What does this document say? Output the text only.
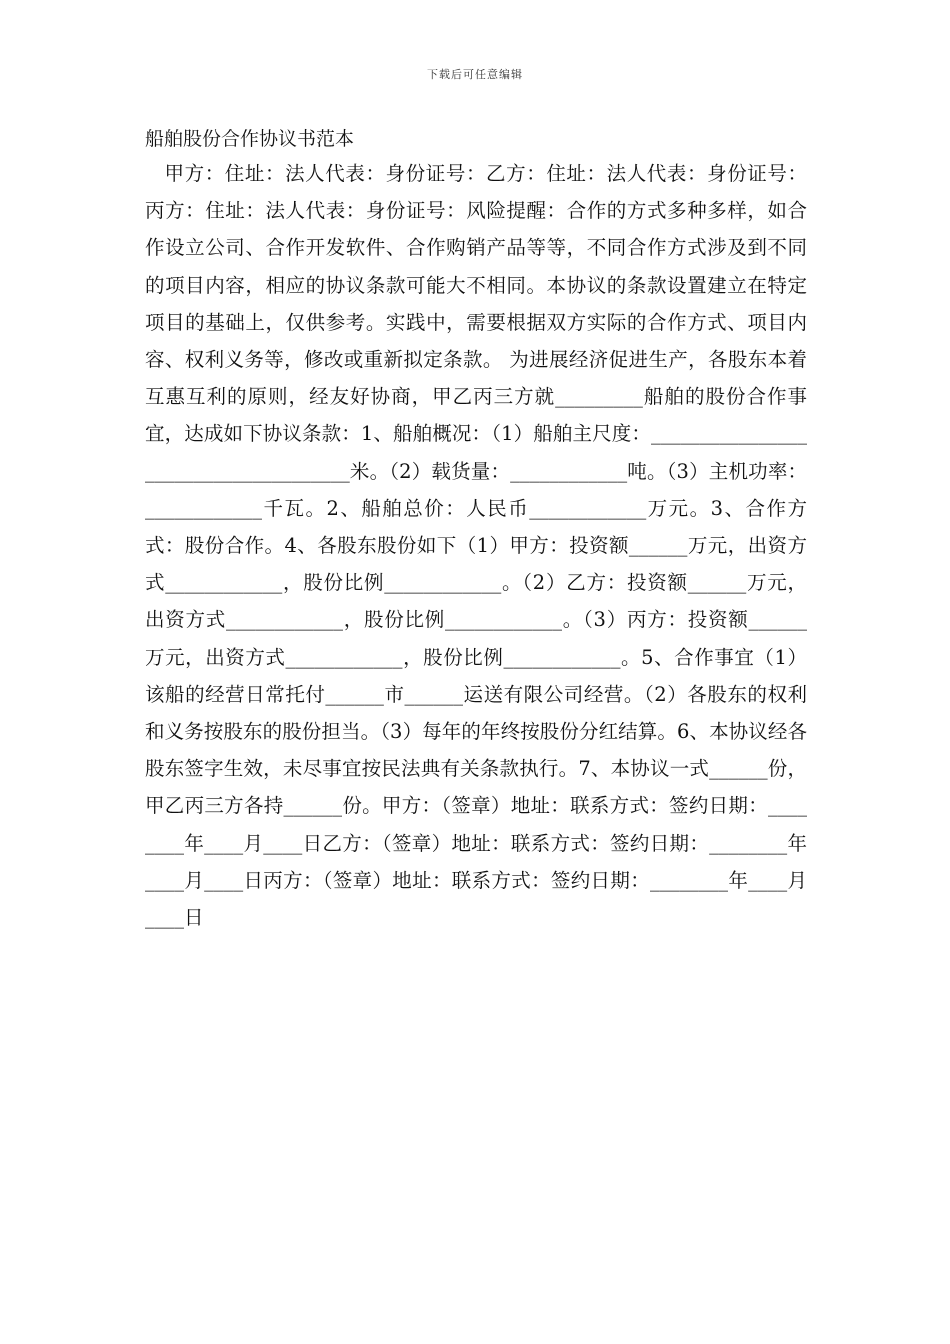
下载后可任意编辑
船舶股份合作协议书范本

甲方：住址：法人代表：身份证号：乙方：住址：法人代表：身份证号：丙方：住址：法人代表：身份证号：风险提醒：合作的方式多种多样，如合作设立公司、合作开发软件、合作购销产品等等，不同合作方式涉及到不同的项目内容，相应的协议条款可能大不相同。本协议的条款设置建立在特定项目的基础上，仅供参考。实践中，需要根据双方实际的合作方式、项目内容、权利义务等，修改或重新拟定条款。 为进展经济促进生产，各股东本着互惠互利的原则，经友好协商，甲乙丙三方就_________船舶的股份合作事宜，达成如下协议条款：1、船舶概况：（1）船舶主尺度：_____________________________________米。（2）载货量：____________吨。（3）主机功率：____________千瓦。2、船舶总价：人民币____________万元。3、合作方式：股份合作。4、各股东股份如下（1）甲方：投资额______万元，出资方式____________，股份比例____________。（2）乙方：投资额______万元，出资方式____________，股份比例____________。（3）丙方：投资额______万元，出资方式____________，股份比例____________。5、合作事宜（1）该船的经营日常托付______市______运送有限公司经营。（2）各股东的权利和义务按股东的股份担当。（3）每年的年终按股份分红结算。6、本协议经各股东签字生效，未尽事宜按民法典有关条款执行。7、本协议一式______份，甲乙丙三方各持______份。甲方：（签章）地址：联系方式：签约日期：________年____月____日乙方：（签章）地址：联系方式：签约日期：________年____月____日丙方：（签章）地址：联系方式：签约日期：________年____月____日
